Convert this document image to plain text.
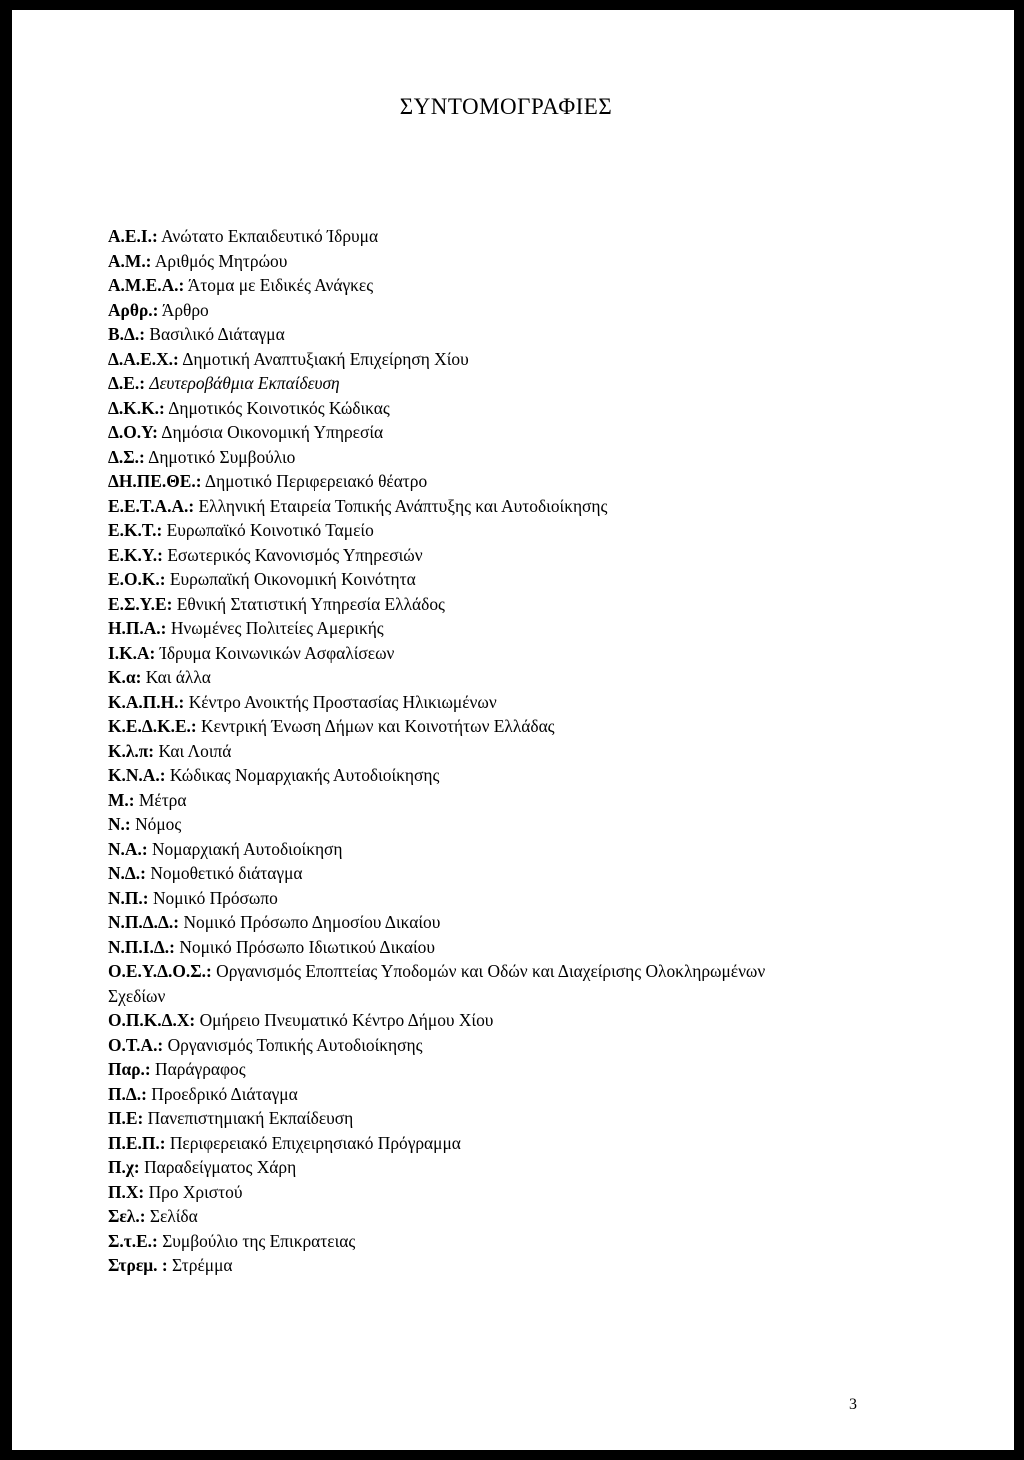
ΣΥΝΤΟΜΟΓΡΑΦΙΕΣ
Α.Ε.Ι.: Ανώτατο Εκπαιδευτικό Ίδρυμα
Α.Μ.: Αριθμός Μητρώου
Α.Μ.Ε.Α.: Άτομα με Ειδικές Ανάγκες
Αρθρ.: Άρθρο
Β.Δ.: Βασιλικό Διάταγμα
Δ.Α.Ε.Χ.: Δημοτική Αναπτυξιακή Επιχείρηση Χίου
Δ.Ε.: Δευτεροβάθμια Εκπαίδευση
Δ.Κ.Κ.: Δημοτικός Κοινοτικός Κώδικας
Δ.Ο.Υ: Δημόσια Οικονομική Υπηρεσία
Δ.Σ.: Δημοτικό Συμβούλιο
ΔΗ.ΠΕ.ΘΕ.: Δημοτικό Περιφερειακό θέατρο
Ε.Ε.Τ.Α.Α.: Ελληνική Εταιρεία Τοπικής Ανάπτυξης και Αυτοδιοίκησης
Ε.Κ.Τ.: Ευρωπαϊκό Κοινοτικό Ταμείο
Ε.Κ.Υ.: Εσωτερικός Κανονισμός Υπηρεσιών
Ε.Ο.Κ.: Ευρωπαϊκή Οικονομική Κοινότητα
Ε.Σ.Υ.Ε: Εθνική Στατιστική Υπηρεσία Ελλάδος
Η.Π.Α.: Ηνωμένες Πολιτείες Αμερικής
Ι.Κ.Α: Ίδρυμα Κοινωνικών Ασφαλίσεων
Κ.α: Και άλλα
Κ.Α.Π.Η.: Κέντρο Ανοικτής Προστασίας Ηλικιωμένων
Κ.Ε.Δ.Κ.Ε.: Κεντρική Ένωση Δήμων και Κοινοτήτων Ελλάδας
Κ.λ.π: Και Λοιπά
Κ.Ν.Α.: Κώδικας Νομαρχιακής Αυτοδιοίκησης
Μ.: Μέτρα
Ν.: Νόμος
Ν.Α.: Νομαρχιακή Αυτοδιοίκηση
Ν.Δ.: Νομοθετικό διάταγμα
Ν.Π.: Νομικό Πρόσωπο
Ν.Π.Δ.Δ.: Νομικό Πρόσωπο Δημοσίου Δικαίου
Ν.Π.Ι.Δ.: Νομικό Πρόσωπο Ιδιωτικού Δικαίου
Ο.Ε.Υ.Δ.Ο.Σ.: Οργανισμός Εποπτείας Υποδομών και Οδών και Διαχείρισης Ολοκληρωμένων Σχεδίων
Ο.Π.Κ.Δ.Χ: Ομήρειο Πνευματικό Κέντρο Δήμου Χίου
Ο.Τ.Α.: Οργανισμός Τοπικής Αυτοδιοίκησης
Παρ.: Παράγραφος
Π.Δ.: Προεδρικό Διάταγμα
Π.Ε: Πανεπιστημιακή Εκπαίδευση
Π.Ε.Π.: Περιφερειακό Επιχειρησιακό Πρόγραμμα
Π.χ: Παραδείγματος Χάρη
Π.Χ: Προ Χριστού
Σελ.: Σελίδα
Σ.τ.Ε.: Συμβούλιο της Επικρατειας
Στρεμ. : Στρέμμα
3
